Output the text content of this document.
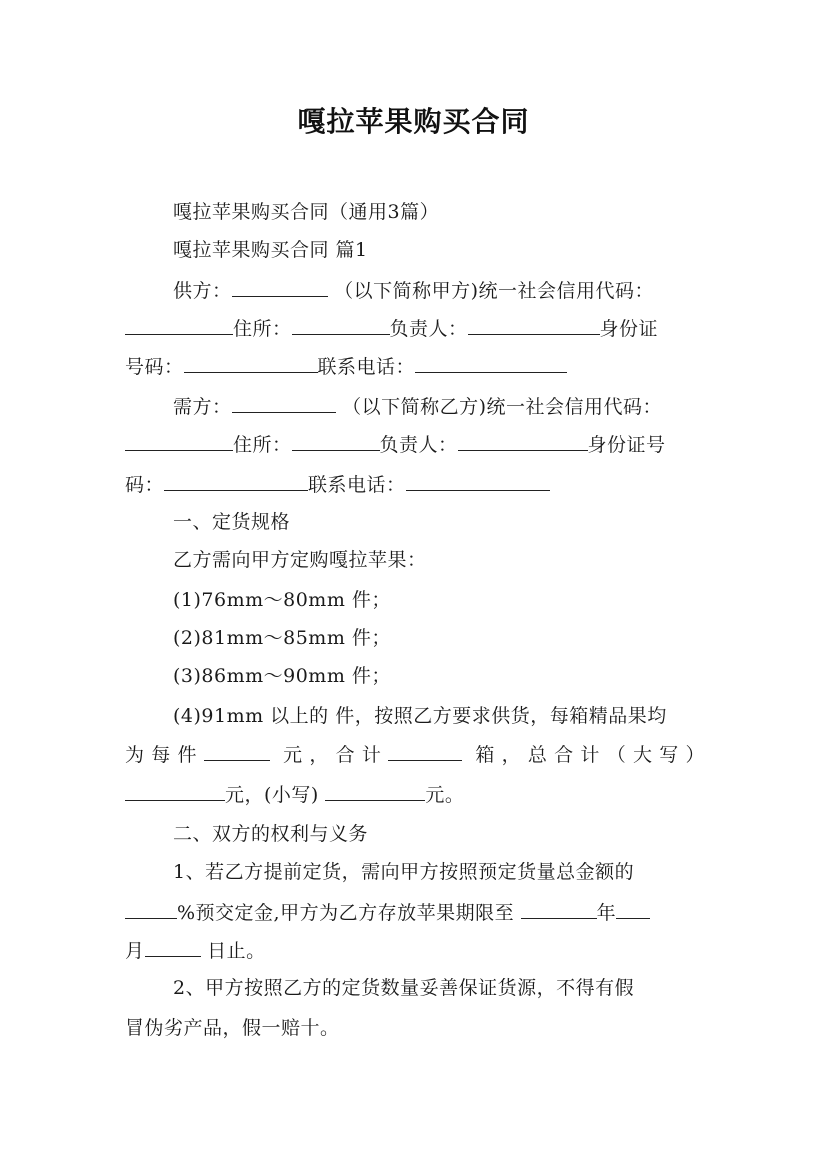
嘎拉苹果购买合同
嘎拉苹果购买合同（通用3篇）
嘎拉苹果购买合同 篇1
供方：	（以下简称甲方)统一社会信用代码：
住所：	负责人：	身份证
号码：	联系电话：
需方：	（以下简称乙方)统一社会信用代码：
住所：	负责人：	身份证号
码：	联系电话：
一、定货规格
乙方需向甲方定购嘎拉苹果：
(1)76mm～80mm 件；
(2)81mm～85mm 件；
(3)86mm～90mm 件；
(4)91mm 以上的 件，按照乙方要求供货，每箱精品果均
为每件	元，合计	箱，总合计（大写）
元，(小写)	元。
二、双方的权利与义务
1、若乙方提前定货，需向甲方按照预定货量总金额的
%预交定金,甲方为乙方存放苹果期限至	年
月	日止。
2、甲方按照乙方的定货数量妥善保证货源，不得有假
冒伪劣产品，假一赔十。
